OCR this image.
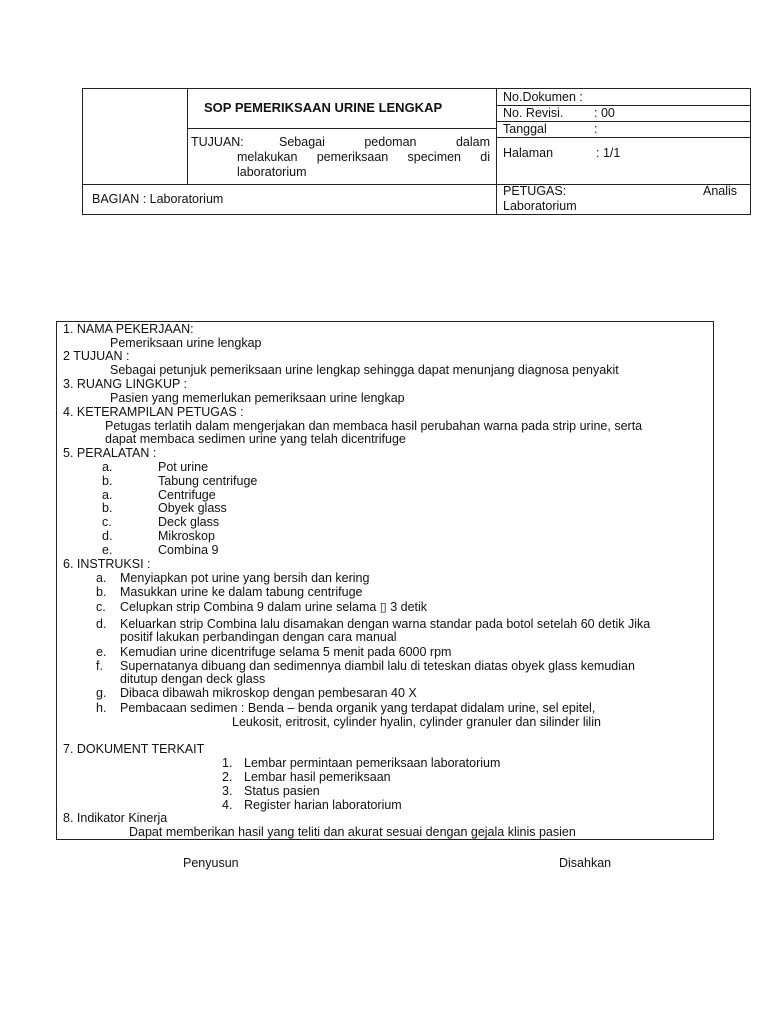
SOP PEMERIKSAAN URINE LENGKAP
TUJUAN:	Sebagai pedoman dalam
melakukan pemeriksaan specimen di
laboratorium
BAGIAN : Laboratorium
No.Dokumen :
No. Revisi. : 00
Tanggal	:
Halaman	: 1/1
PETUGAS:	Analis
Laboratorium
1. NAMA PEKERJAAN:
Pemeriksaan urine lengkap
2 TUJUAN :
Sebagai petunjuk pemeriksaan urine lengkap sehingga dapat menunjang diagnosa penyakit
3. RUANG LINGKUP :
Pasien yang memerlukan pemeriksaan urine lengkap
4. KETERAMPILAN PETUGAS :
Petugas terlatih dalam mengerjakan dan membaca hasil perubahan warna pada strip urine, serta
dapat membaca sedimen urine yang telah dicentrifuge
5. PERALATAN :
a.	Pot urine
b.	Tabung centrifuge
a.	Centrifuge
b.	Obyek glass
c.	Deck glass
d.	Mikroskop
e.	Combina 9
6. INSTRUKSI :
a. Menyiapkan pot urine yang bersih dan kering
b. Masukkan urine ke dalam tabung centrifuge
c. Celupkan strip Combina 9 dalam urine selama ▯ 3 detik
d. Keluarkan strip Combina lalu disamakan dengan warna standar pada botol setelah 60 detik Jika
positif lakukan perbandingan dengan cara manual
e. Kemudian urine dicentrifuge selama 5 menit pada 6000 rpm
f. Supernatanya dibuang dan sedimennya diambil lalu di teteskan diatas obyek glass kemudian
ditutup dengan deck glass
g. Dibaca dibawah mikroskop dengan pembesaran 40 X
h. Pembacaan sedimen : Benda – benda organik yang terdapat didalam urine, sel epitel,
Leukosit, eritrosit, cylinder hyalin, cylinder granuler dan silinder lilin
7. DOKUMENT TERKAIT
1. Lembar permintaan pemeriksaan laboratorium
2. Lembar hasil pemeriksaan
3. Status pasien
4. Register harian laboratorium
8. Indikator Kinerja
Dapat memberikan hasil yang teliti dan akurat sesuai dengan gejala klinis pasien
Penyusun	Disahkan
